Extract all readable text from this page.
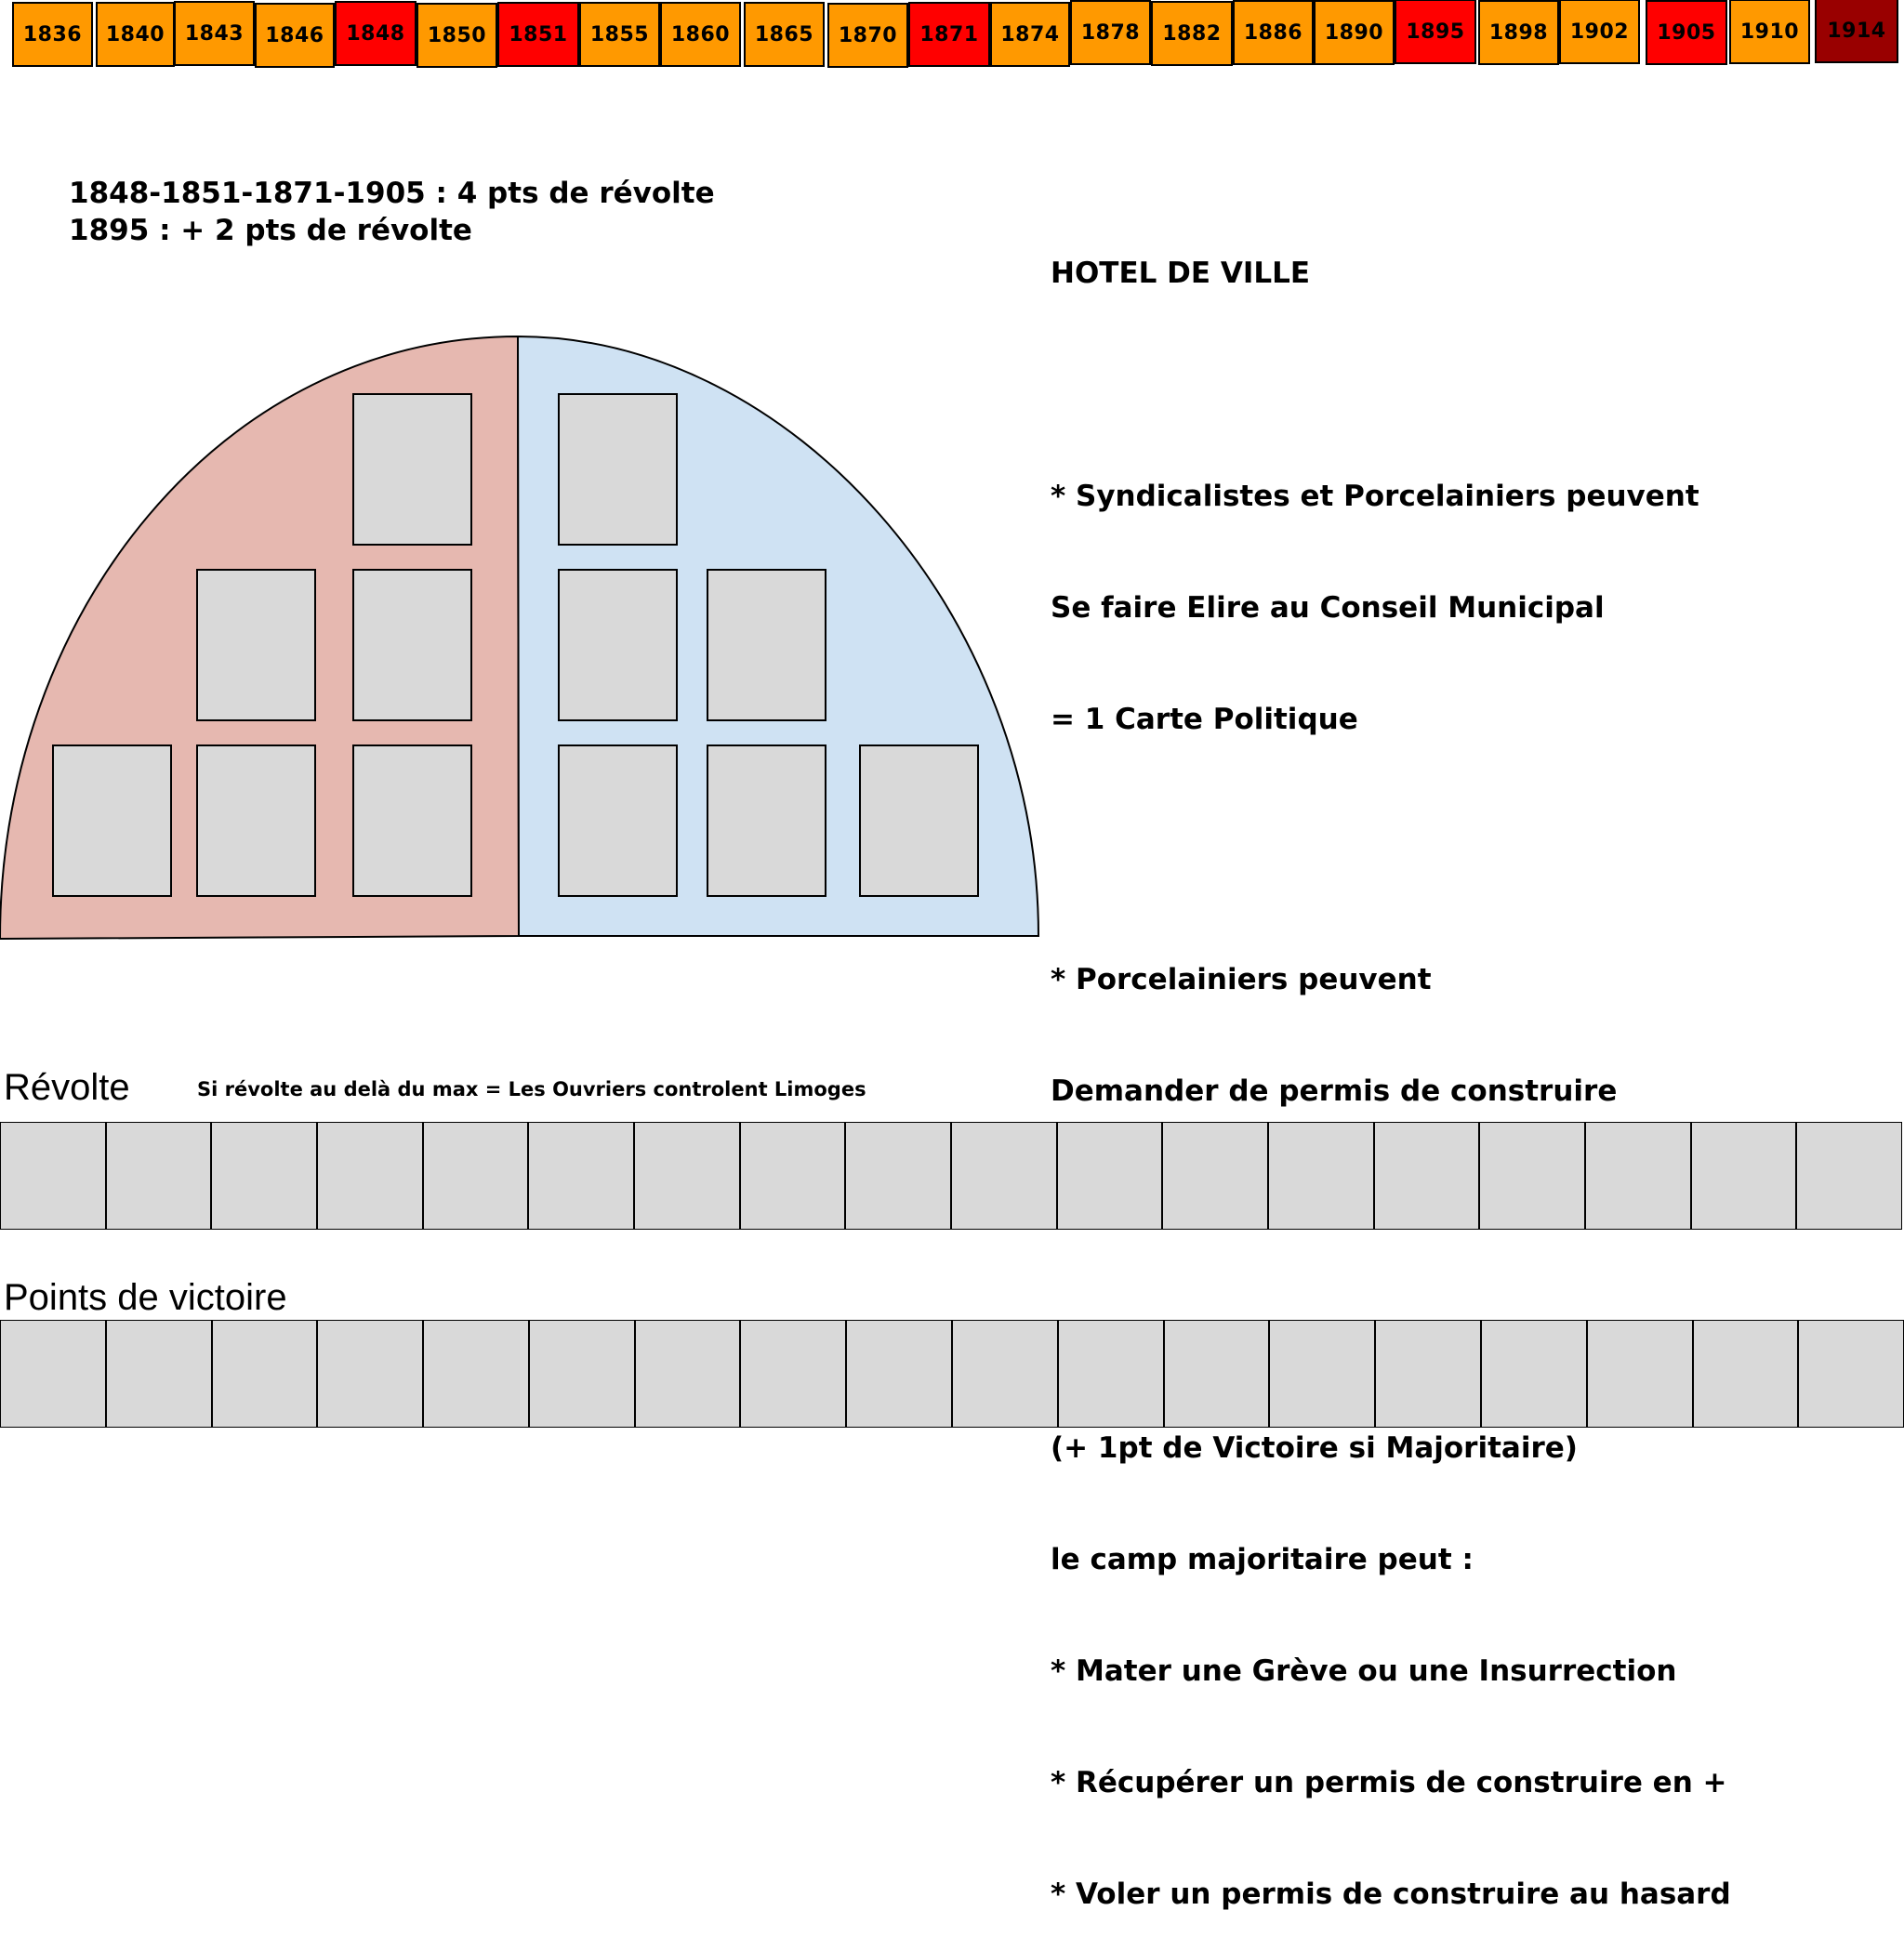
1836	1840 1843	1846	1848	1850	1851	1855	1860	1865	1870	1871	1874	1878	1882	1886	1890	1895	1898	1902	1905	1910	1914
1848-1851-1871-1905 : 4 pts de révolte
1895 : + 2 pts de révolte

HOTEL DE VILLE

* Syndicalistes et Porcelainiers peuvent

Se faire Elire au Conseil Municipal

= 1 Carte Politique

* Porcelainiers peuvent

Demander de permis de construire

(+ 1pt de Victoire si Majoritaire)

le camp majoritaire peut :

* Mater une Grève ou une Insurrection

* Récupérer un permis de construire en +

* Voler un permis de construire au hasard

Révolte	Si révolte au delà du max = Les Ouvriers controlent Limoges
Points de victoire
